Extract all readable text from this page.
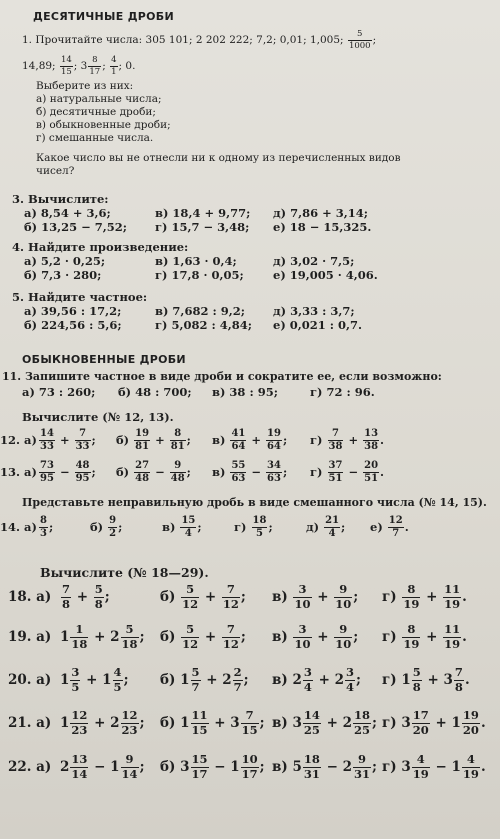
ДЕСЯТИЧНЫЕ ДРОБИ
1. Прочитайте числа: 305 101; 2 202 222; 7,2; 0,01; 1,005; $\frac{5}{1000}$ ;
14,89; $\frac{14}{15}$ ; $3 \frac{8}{17}$ ; $\frac{4}{1}$ ; 0.
Выберите из них:
а) натуральные числа;
б) десятичные дроби;
в) обыкновенные дроби;
г) смешанные числа.
Какое число вы не отнесли ни к одному из перечисленных видов
чисел?
3. Вычислите:
а) 8,54 + 3,6;	в) 18,4 + 9,77; д) 7,86 + 3,14;
б) 13,25 − 7,52; г) 15,7 − 3,48; е) 18 − 15,325.
4. Найдите произведение:
а) 5,2 · 0,25;	в) 1,63 · 0,4;	д) 3,02 · 7,5;
б) 7,3 · 280;	г) 17,8 · 0,05;	е) 19,005 · 4,06.
5. Найдите частное:
а) 39,56 : 17,2;	в) 7,682 : 9,2; д) 3,33 : 3,7;
б) 224,56 : 5,6;	г) 5,082 : 4,84; е) 0,021 : 0,7.
ОБЫКНОВЕННЫЕ ДРОБИ
11. Запишите частное в виде дроби и сократите ее, если возможно:
а) 73 : 260; б) 48 : 700; в) 38 : 95;	г) 72 : 96.
Вычислите (№ 12, 13).
12. $а) \frac{14}{33}$
+
$\frac{7}{33}$ ;	б)
$\frac{19}{81}$
+
$\frac{8}{81}$ ;	в)
$\frac{41}{64}$
+
$\frac{19}{64}$ ;	г)
$\frac{7}{38}$
+
$\frac{13}{38}$ .
13. $а) \frac{73}{95}$
−
$\frac{48}{95}$ ;	б)
$\frac{27}{48}$
−
$\frac{9}{48}$ ;	в)
$\frac{55}{63}$
−
$\frac{34}{63}$ ;	г)
$\frac{37}{51}$
−
$\frac{20}{51}$ .
Представьте неправильную дробь в виде смешанного числа (№ 14, 15).
14. $а) \frac{8}{3}$ ;	б)
$\frac{9}{2}$ ;	в)
$\frac{15}{4}$ ;	г)
$\frac{18}{5}$ ;	д)
$\frac{21}{4}$ ;	е)
$\frac{12}{7}$ .
Вычислите (№ 18—29).
18. $а) \frac{7}{8}$
+
$\frac{5}{8}$ ;	б)
$\frac{5}{12}$
+
$\frac{7}{12}$ ;	в)
$\frac{3}{10}$
+
$\frac{9}{10}$ ;	г)
$\frac{8}{19}$
+
$\frac{11}{19}$ .
19. а) $1 \frac{1}{18}$
+
$2 \frac{5}{18}$ ;	б)
$\frac{5}{12}$
+
$\frac{7}{12}$ ;	в)
$\frac{3}{10}$
+
$\frac{9}{10}$ ;	г)
$\frac{8}{19}$
+
$\frac{11}{19}$ .
20. а) $1 \frac{3}{5}$
+
$1 \frac{4}{5}$ ;	б)
$1 \frac{5}{7}$
+
$2 \frac{2}{7}$ ;	в)
$2 \frac{3}{4}$
+
$2 \frac{3}{4}$ ;	г)
$1 \frac{5}{8}$
+
$3 \frac{7}{8}$ .
21. а) $1 \frac{12}{23}$
+
$2 \frac{12}{23}$ ;	б)
$1 \frac{11}{15}$
+
$3 \frac{7}{15}$ ; в)
$3 \frac{14}{25}$
+
$2 \frac{18}{25}$ ; г)
$3 \frac{17}{20}$
+
$1 \frac{19}{20}$ .
22. а) $2 \frac{13}{14}$
−
$1 \frac{9}{14}$ ;	б)
$3 \frac{15}{17}$
−
$1 \frac{10}{17}$ ; в)
$5 \frac{18}{31}$
−
$2 \frac{9}{31}$ ; г)
$3 \frac{4}{19}$
−
$1 \frac{4}{19}$ .
